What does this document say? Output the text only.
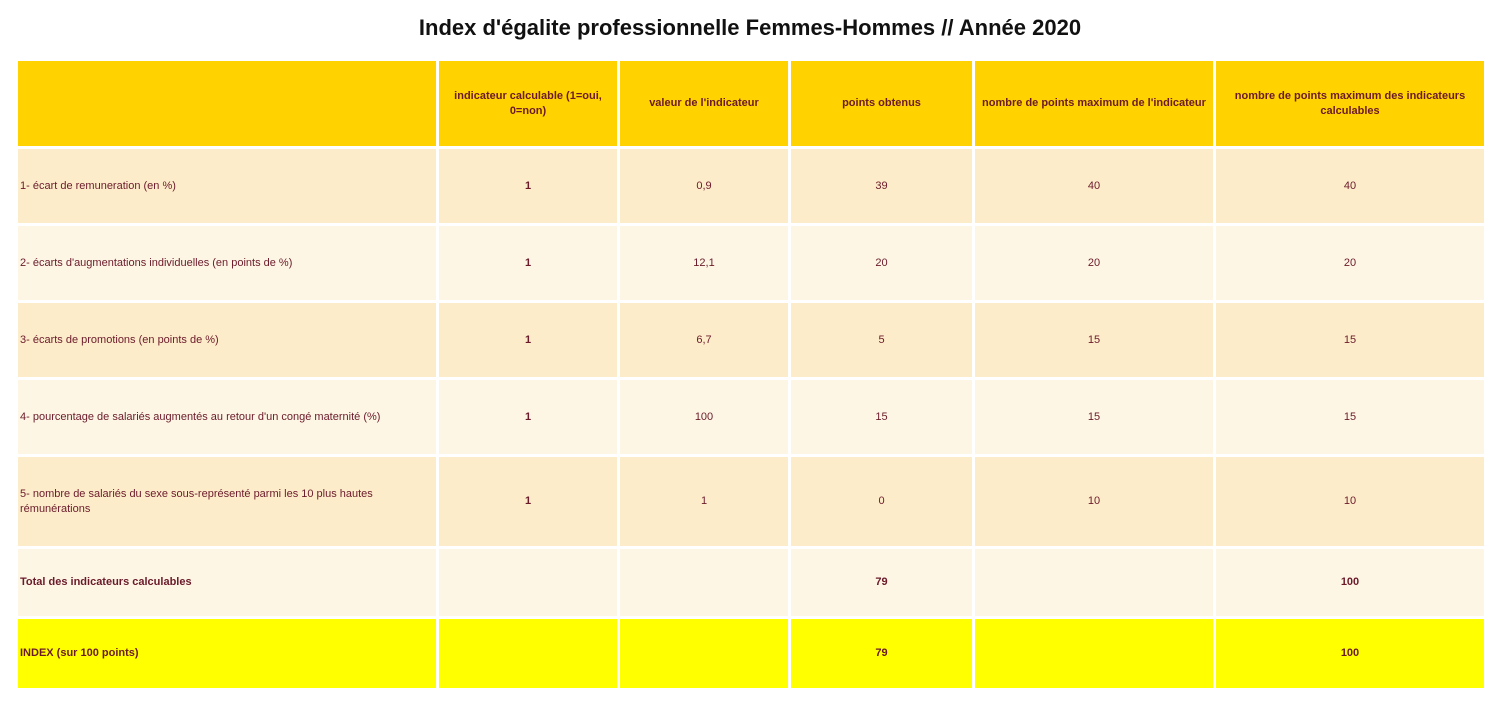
Index d'égalite professionnelle Femmes-Hommes // Année 2020
	indicateur calculable (1=oui, 0=non)	valeur de l'indicateur	points obtenus	nombre de points maximum de l'indicateur	nombre de points maximum des indicateurs calculables
1- écart de remuneration (en %)	1	0,9	39	40	40
2- écarts d'augmentations individuelles (en points de %)	1	12,1	20	20	20
3- écarts de promotions (en points de %)	1	6,7	5	15	15
4- pourcentage de salariés augmentés au retour d'un congé maternité (%)	1	100	15	15	15
5- nombre de salariés du sexe sous-représenté parmi les 10 plus hautes rémunérations	1	1	0	10	10
Total des indicateurs calculables			79		100
INDEX (sur 100 points)			79		100
